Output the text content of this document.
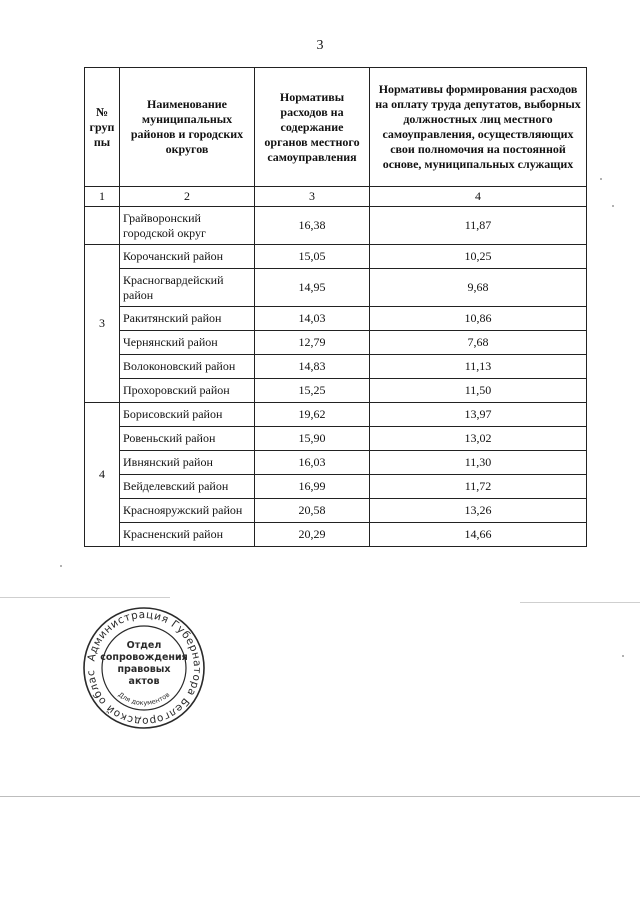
3
№ груп пы	Наименование муниципальных районов и городских округов	Нормативы расходов на содержание органов местного самоуправления	Нормативы формирования расходов на оплату труда депутатов, выборных должностных лиц местного самоуправления, осуществляющих свои полномочия на постоянной основе, муниципальных служащих
1	2	3	4
	Грайворонский городской округ	16,38	11,87
3	Корочанский район	15,05	10,25
	Красногвардейский район	14,95	9,68
	Ракитянский район	14,03	10,86
	Чернянский район	12,79	7,68
	Волоконовский район	14,83	11,13
	Прохоровский район	15,25	11,50
4	Борисовский район	19,62	13,97
	Ровеньский район	15,90	13,02
	Ивнянский район	16,03	11,30
	Вейделевский район	16,99	11,72
	Краснояружский район	20,58	13,26
	Красненский район	20,29	14,66
Администрация Губернатора Белгородской облас
Отдел
сопровождения
правовых
актов
Для документов
